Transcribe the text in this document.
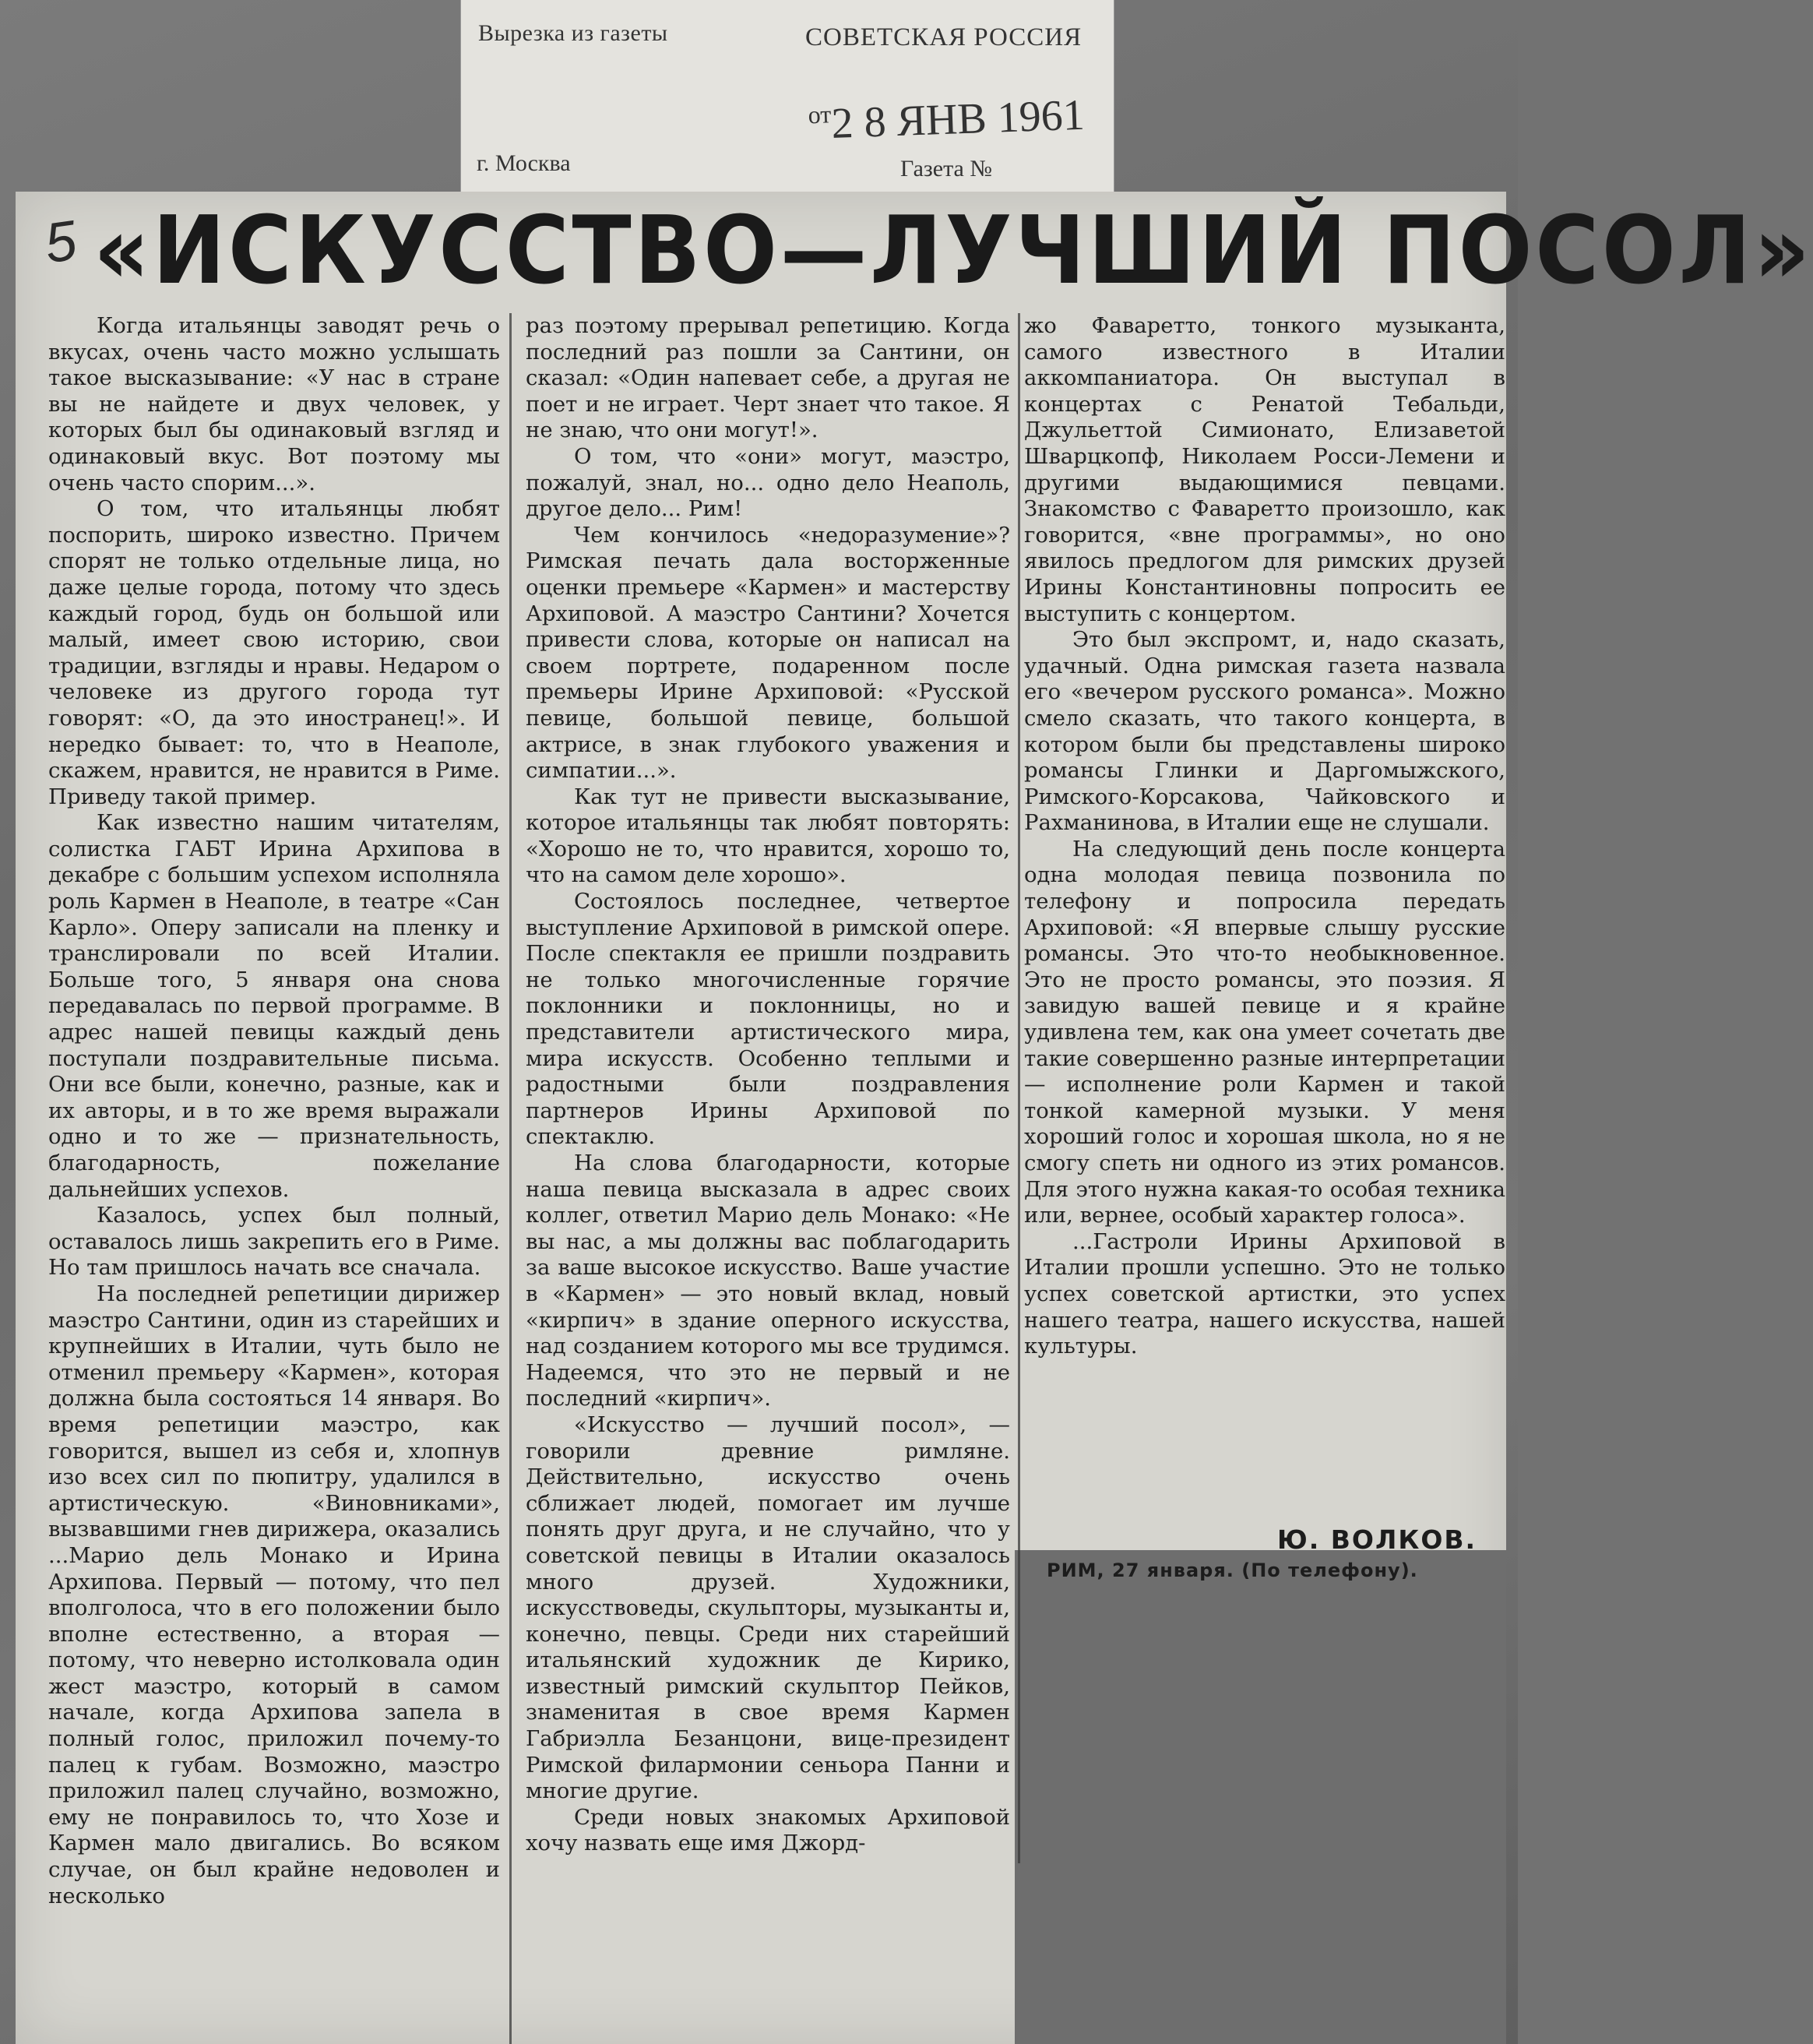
Вырезка из газеты	СОВЕТСКАЯ РОССИЯ
$^{от}$2 8 ЯНВ 1961
г. Москва	Газета №
5 «ИСКУССТВО—ЛУЧШИЙ ПОСОЛ»

Когда итальянцы заводят речь о вкусах, очень часто можно услышать такое высказывание: «У нас в стране вы не найдете и двух человек, у которых был бы одинаковый взгляд и одинаковый вкус. Вот поэтому мы очень часто спорим...».

О том, что итальянцы любят поспорить, широко известно. Причем спорят не только отдельные лица, но даже целые города, потому что здесь каждый город, будь он большой или малый, имеет свою историю, свои традиции, взгляды и нравы. Недаром о человеке из другого города тут говорят: «О, да это иностранец!». И нередко бывает: то, что в Неаполе, скажем, нравится, не нравится в Риме. Приведу такой пример.

Как известно нашим читателям, солистка ГАБТ Ирина Архипова в декабре с большим успехом исполняла роль Кармен в Неаполе, в театре «Сан Карло». Оперу записали на пленку и транслировали по всей Италии. Больше того, 5 января она снова передавалась по первой программе. В адрес нашей певицы каждый день поступали поздравительные письма. Они все были, конечно, разные, как и их авторы, и в то же время выражали одно и то же — признательность, благодарность, пожелание дальнейших успехов.

Казалось, успех был полный, оставалось лишь закрепить его в Риме. Но там пришлось начать все сначала.

На последней репетиции дирижер маэстро Сантини, один из старейших и крупнейших в Италии, чуть было не отменил премьеру «Кармен», которая должна была состояться 14 января. Во время репетиции маэстро, как говорится, вышел из себя и, хлопнув изо всех сил по пюпитру, удалился в артистическую. «Виновниками», вызвавшими гнев дирижера, оказались ...Марио дель Монако и Ирина Архипова. Первый — потому, что пел вполголоса, что в его положении было вполне естественно, а вторая — потому, что неверно истолковала один жест маэстро, который в самом начале, когда Архипова запела в полный голос, приложил почему-то палец к губам. Возможно, маэстро приложил палец случайно, возможно, ему не понравилось то, что Хозе и Кармен мало двигались. Во всяком случае, он был крайне недоволен и несколько

раз поэтому прерывал репетицию. Когда последний раз пошли за Сантини, он сказал: «Один напевает себе, а другая не поет и не играет. Черт знает что такое. Я не знаю, что они могут!».

О том, что «они» могут, маэстро, пожалуй, знал, но... одно дело Неаполь, другое дело... Рим!

Чем кончилось «недоразумение»? Римская печать дала восторженные оценки премьере «Кармен» и мастерству Архиповой. А маэстро Сантини? Хочется привести слова, которые он написал на своем портрете, подаренном после премьеры Ирине Архиповой: «Русской певице, большой певице, большой актрисе, в знак глубокого уважения и симпатии...».

Как тут не привести высказывание, которое итальянцы так любят повторять: «Хорошо не то, что нравится, хорошо то, что на самом деле хорошо».

Состоялось последнее, четвертое выступление Архиповой в римской опере. После спектакля ее пришли поздравить не только многочисленные горячие поклонники и поклонницы, но и представители артистического мира, мира искусств. Особенно теплыми и радостными были поздравления партнеров Ирины Архиповой по спектаклю.

На слова благодарности, которые наша певица высказала в адрес своих коллег, ответил Марио дель Монако: «Не вы нас, а мы должны вас поблагодарить за ваше высокое искусство. Ваше участие в «Кармен» — это новый вклад, новый «кирпич» в здание оперного искусства, над созданием которого мы все трудимся. Надеемся, что это не первый и не последний «кирпич».

«Искусство — лучший посол», — говорили древние римляне. Действительно, искусство очень сближает людей, помогает им лучше понять друг друга, и не случайно, что у советской певицы в Италии оказалось много друзей. Художники, искусствоведы, скульпторы, музыканты и, конечно, певцы. Среди них старейший итальянский художник де Кирико, известный римский скульптор Пейков, знаменитая в свое время Кармен Габриэлла Безанцони, вице-президент Римской филармонии сеньора Панни и многие другие.

Среди новых знакомых Архиповой хочу назвать еще имя Джорд-

жо Фаваретто, тонкого музыканта, самого известного в Италии аккомпаниатора. Он выступал в концертах с Ренатой Тебальди, Джульеттой Симионато, Елизаветой Шварцкопф, Николаем Росси-Лемени и другими выдающимися певцами. Знакомство с Фаваретто произошло, как говорится, «вне программы», но оно явилось предлогом для римских друзей Ирины Константиновны попросить ее выступить с концертом.

Это был экспромт, и, надо сказать, удачный. Одна римская газета назвала его «вечером русского романса». Можно смело сказать, что такого концерта, в котором были бы представлены широко романсы Глинки и Даргомыжского, Римского-Корсакова, Чайковского и Рахманинова, в Италии еще не слушали.

На следующий день после концерта одна молодая певица позвонила по телефону и попросила передать Архиповой: «Я впервые слышу русские романсы. Это что-то необыкновенное. Это не просто романсы, это поэзия. Я завидую вашей певице и я крайне удивлена тем, как она умеет сочетать две такие совершенно разные интерпретации — исполнение роли Кармен и такой тонкой камерной музыки. У меня хороший голос и хорошая школа, но я не смогу спеть ни одного из этих романсов. Для этого нужна какая-то особая техника или, вернее, особый характер голоса».

...Гастроли Ирины Архиповой в Италии прошли успешно. Это не только успех советской артистки, это успех нашего театра, нашего искусства, нашей культуры.

Ю. ВОЛКОВ.
РИМ, 27 января. (По телефону).
